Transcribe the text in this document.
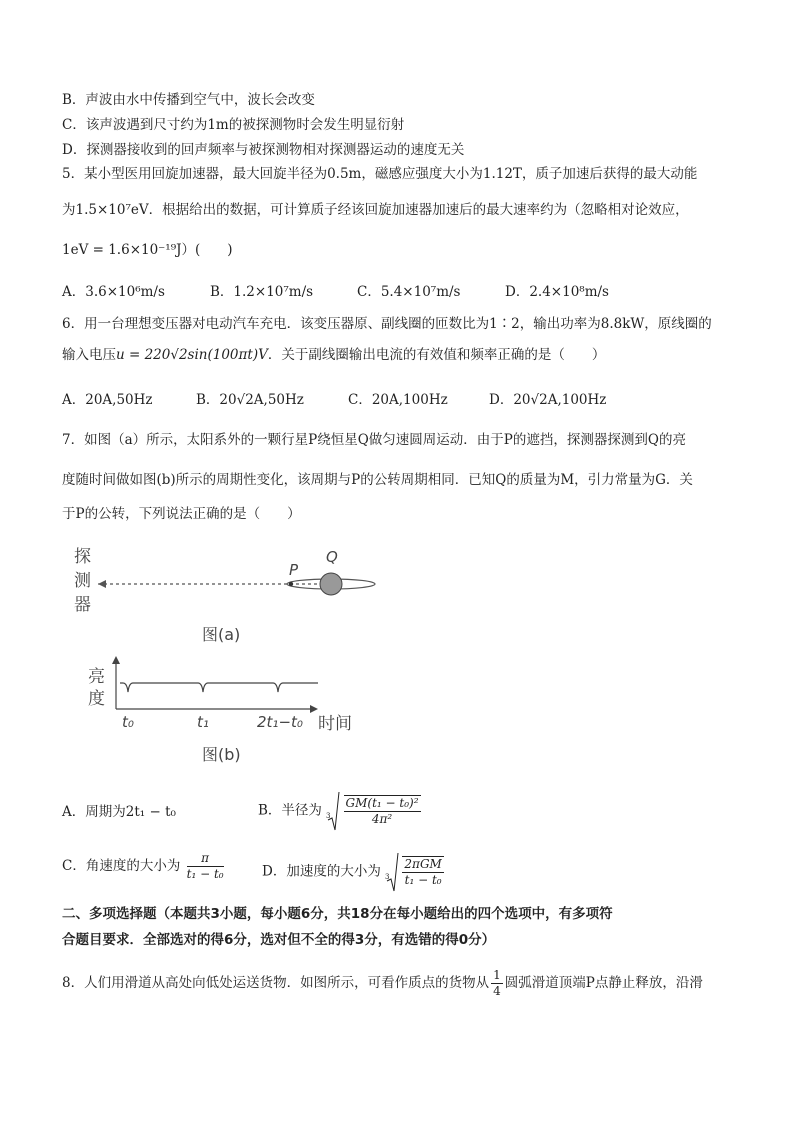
B．声波由水中传播到空气中，波长会改变
C．该声波遇到尺寸约为1m的被探测物时会发生明显衍射
D．探测器接收到的回声频率与被探测物相对探测器运动的速度无关
5．某小型医用回旋加速器，最大回旋半径为0.5m，磁感应强度大小为1.12T，质子加速后获得的最大动能
为1.5×10⁷eV．根据给出的数据，可计算质子经该回旋加速器加速后的最大速率约为（忽略相对论效应，
1eV = 1.6×10⁻¹⁹J）(　　)
A．3.6×10⁶m/s	B．1.2×10⁷m/s	C．5.4×10⁷m/s	D．2.4×10⁸m/s
6．用一台理想变压器对电动汽车充电．该变压器原、副线圈的匝数比为1∶2，输出功率为8.8kW，原线圈的
输入电压u = 220√2sin(100πt)V．关于副线圈输出电流的有效值和频率正确的是（　　）
A．20A,50Hz	B．20√2A,50Hz	C．20A,100Hz	D．20√2A,100Hz
7．如图（a）所示，太阳系外的一颗行星P绕恒星Q做匀速圆周运动．由于P的遮挡，探测器探测到Q的亮
度随时间做如图(b)所示的周期性变化，该周期与P的公转周期相同．已知Q的质量为M，引力常量为G．关
于P的公转，下列说法正确的是（　　）
探
测
器
P
Q
图(a)
亮
度
t₀	t₁	2t₁−t₀ 时间
图(b)
A．周期为2t₁ − t₀	B．半径为 3
$\frac{\text{GM(t₁ − t₀)²}}{\text{4π²}}$
C．角速度的大小为 $\frac{\pi}{\text{t₁ − t₀}}$	D．加速度的大小为 3
$\frac{\text{2πGM}}{\text{t₁ − t₀}}$
二、多项选择题（本题共3小题，每小题6分，共18分在每小题给出的四个选项中，有多项符
合题目要求．全部选对的得6分，选对但不全的得3分，有选错的得0分）
8．人们用滑道从高处向低处运送货物．如图所示，可看作质点的货物从 $\frac{1}{4}$ 圆弧滑道顶端P点静止释放，沿滑
